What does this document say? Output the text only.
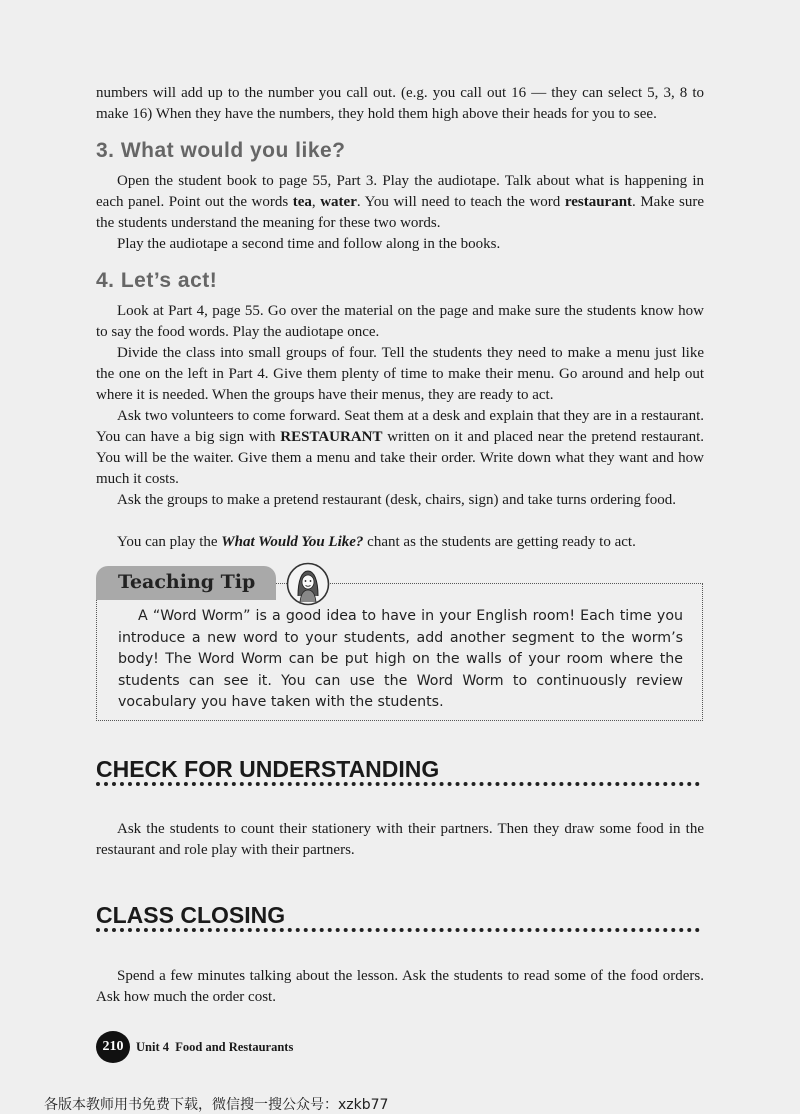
numbers will add up to the number you call out. (e.g. you call out 16 — they can select 5, 3, 8 to make 16) When they have the numbers, they hold them high above their heads for you to see.

3. What would you like?

Open the student book to page 55, Part 3. Play the audiotape. Talk about what is happening in each panel. Point out the words tea, water. You will need to teach the word restaurant. Make sure the students understand the meaning for these two words.

Play the audiotape a second time and follow along in the books.

4. Let’s act!

Look at Part 4, page 55. Go over the material on the page and make sure the students know how to say the food words. Play the audiotape once.

Divide the class into small groups of four. Tell the students they need to make a menu just like the one on the left in Part 4. Give them plenty of time to make their menu. Go around and help out where it is needed. When the groups have their menus, they are ready to act.

Ask two volunteers to come forward. Seat them at a desk and explain that they are in a restaurant. You can have a big sign with RESTAURANT written on it and placed near the pretend restaurant. You will be the waiter. Give them a menu and take their order. Write down what they want and how much it costs.

Ask the groups to make a pretend restaurant (desk, chairs, sign) and take turns ordering food.

You can play the What Would You Like? chant as the students are getting ready to act.

Teaching Tip

A “Word Worm” is a good idea to have in your English room! Each time you introduce a new word to your students, add another segment to the worm’s body! The Word Worm can be put high on the walls of your room where the students can see it. You can use the Word Worm to continuously review vocabulary you have taken with the students.

CHECK FOR UNDERSTANDING

Ask the students to count their stationery with their partners. Then they draw some food in the restaurant and role play with their partners.

CLASS CLOSING

Spend a few minutes talking about the lesson. Ask the students to read some of the food orders. Ask how much the order cost.

210	Unit 4  Food and Restaurants
各版本教师用书免费下载，微信搜一搜公众号：xzkb77
